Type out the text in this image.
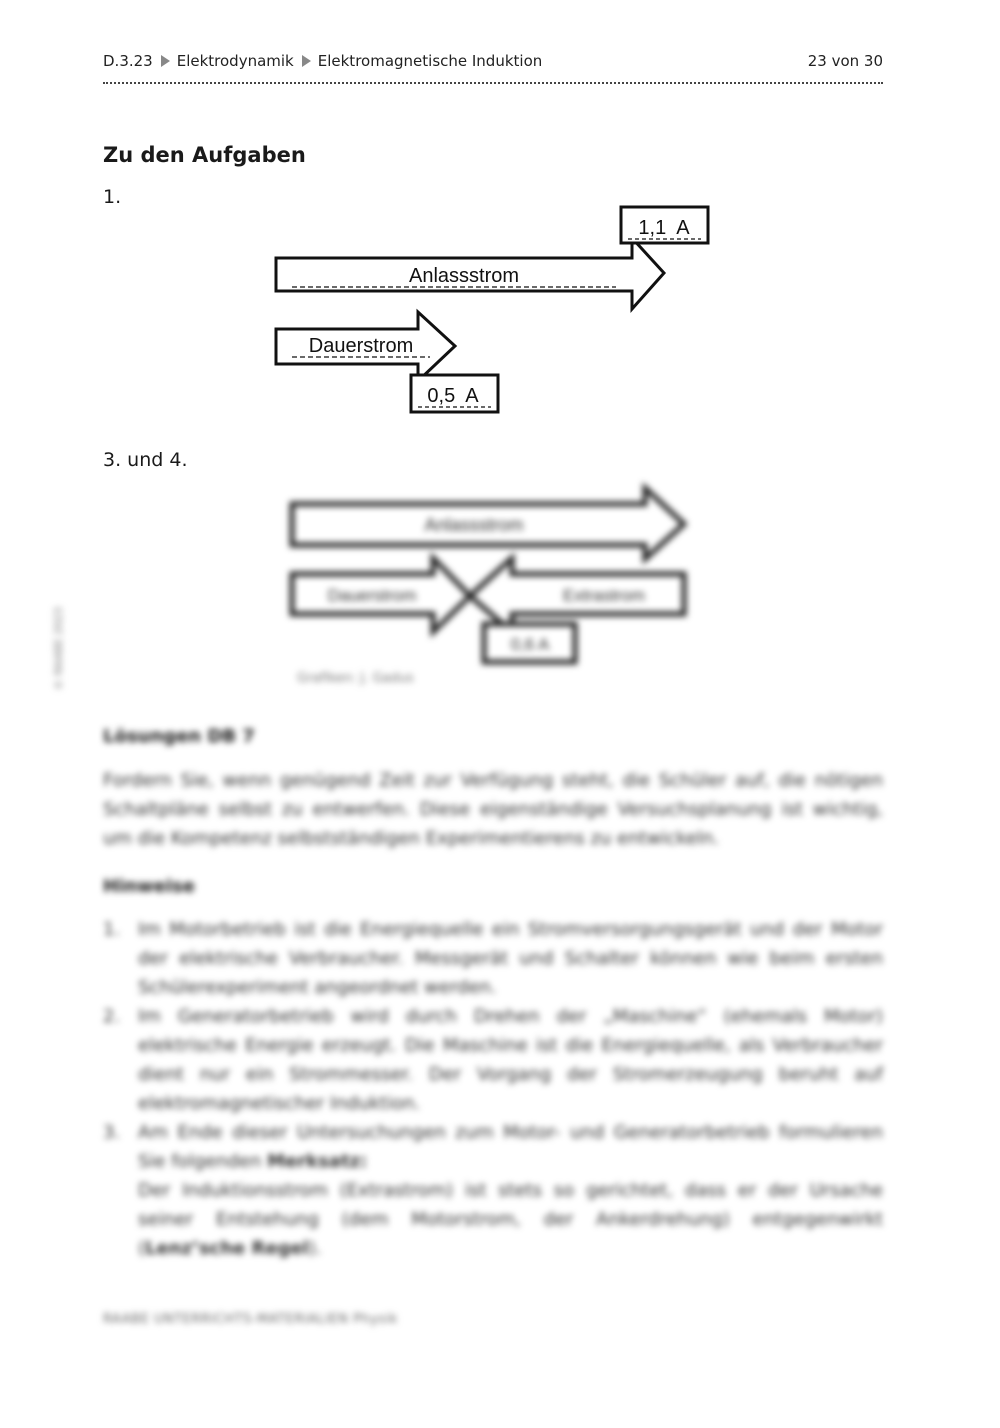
D.3.23 Elektrodynamik Elektromagnetische Induktion	23 von 30
Zu den Aufgaben
1.
Anlassstrom
1,1  A
Dauerstrom
0,5  A
3. und 4.
Anlassstrom
Dauerstrom	Extrastrom
0,6 A
Grafiken: J. Gadus
© RAABE 2023
Lösungen DB 7

Fordern Sie, wenn genügend Zeit zur Verfügung steht, die Schüler auf, die nötigen Schaltpläne selbst zu entwerfen. Diese eigenständige Versuchsplanung ist wichtig, um die Kompetenz selbstständigen Experimentierens zu entwickeln.

Hinweise
1. Im Motorbetrieb ist die Energiequelle ein Stromversorgungsgerät und der Motor der elektrische Verbraucher. Messgerät und Schalter können wie beim ersten Schülerexperiment angeordnet werden.
2. Im Generatorbetrieb wird durch Drehen der „Maschine“ (ehemals Motor) elektrische Energie erzeugt. Die Maschine ist die Energiequelle, als Verbraucher dient nur ein Strommesser. Der Vorgang der Stromerzeugung beruht auf elektromagnetischer Induktion.
3. Am Ende dieser Untersuchungen zum Motor- und Generatorbetrieb formulieren Sie folgenden Merksatz:
Der Induktionsstrom (Extrastrom) ist stets so gerichtet, dass er der Ursache seiner Entstehung (dem Motorstrom, der Ankerdrehung) entgegenwirkt (Lenz’sche Regel).
RAABE UNTERRICHTS-MATERIALIEN Physik
